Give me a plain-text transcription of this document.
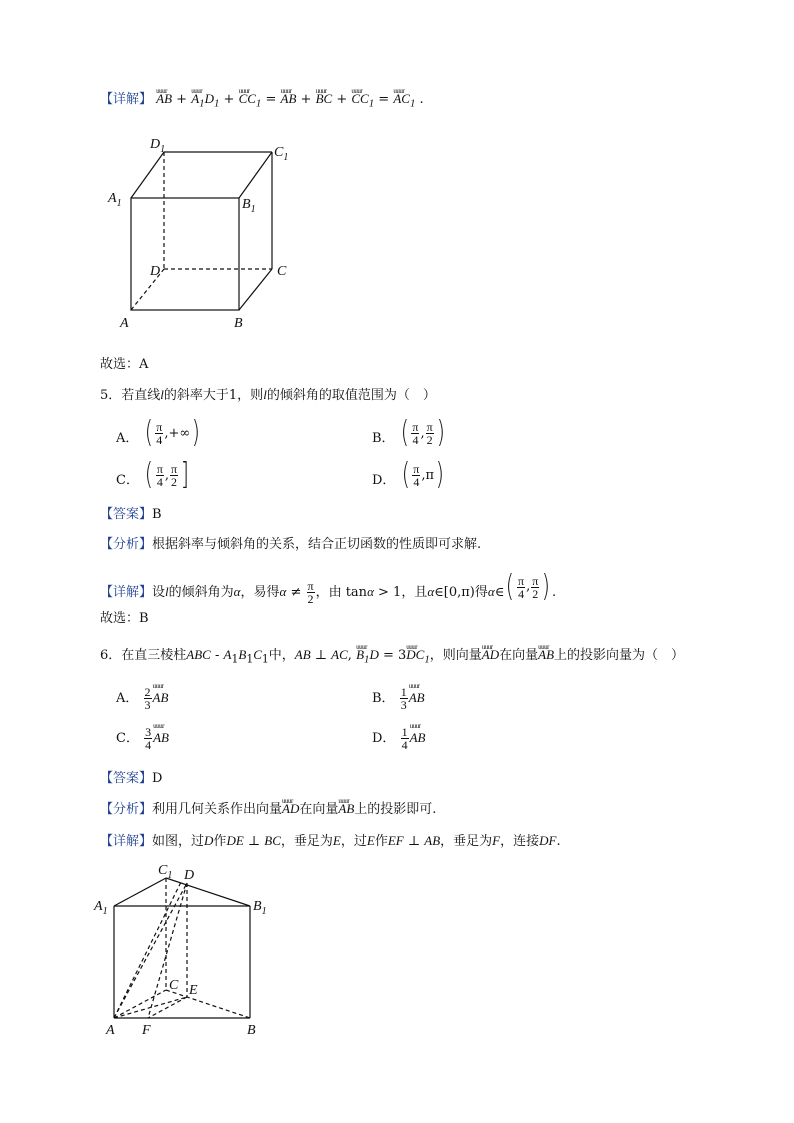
【详解】 uuur AB + uuur $A_1D_1$ + uuur $CC_1$ = uuur AB + uuur BC + uuur $CC_1$ = uuur $AC_1$ .
$D_1$	$C_1$
$A_1$	$B_1$
D	C
A	B
故选：A
5．若直线l的斜率大于1，则l的倾斜角的取值范围为（　）
A． ( $\frac{\pi}{4}$ ,+∞ )	B． ( $\frac{\pi}{4}$ , $\frac{\pi}{2}$ )
C． ( $\frac{\pi}{4}$ , $\frac{\pi}{2}$ ]	D． ( $\frac{\pi}{4} ,\pi$ )
【答案】B
【分析】根据斜率与倾斜角的关系，结合正切函数的性质即可求解.
【详解】设l的倾斜角为α，易得$\alpha \ne \frac{\pi}{2}$ ，由 tanα > 1，且α∈[0,π)得α∈ ( $\frac{\pi}{4}$ , $\frac{\pi}{2}$ ) .
故选：B
6．在直三棱柱ABC - $A_1B_1C_1$中，AB ⊥ AC, uuur $B_1D$ = 3uuur $DC_1$，则向量uuur AD在向量uuur AB上的投影向量为（　）
A． $\frac{2}{3}$ uuur AB	B． $\frac{1}{3}$ uuur AB
C． $\frac{3}{4}$ uuur AB	D． $\frac{1}{4}$ uuur AB
【答案】D
【分析】利用几何关系作出向量uuur AD在向量uuur AB上的投影即可.
【详解】如图，过D作DE ⊥ BC，垂足为E，过E作EF ⊥ AB，垂足为F，连接DF.
$C_1$ D
$A_1$	$B_1$
C E
A F	B
